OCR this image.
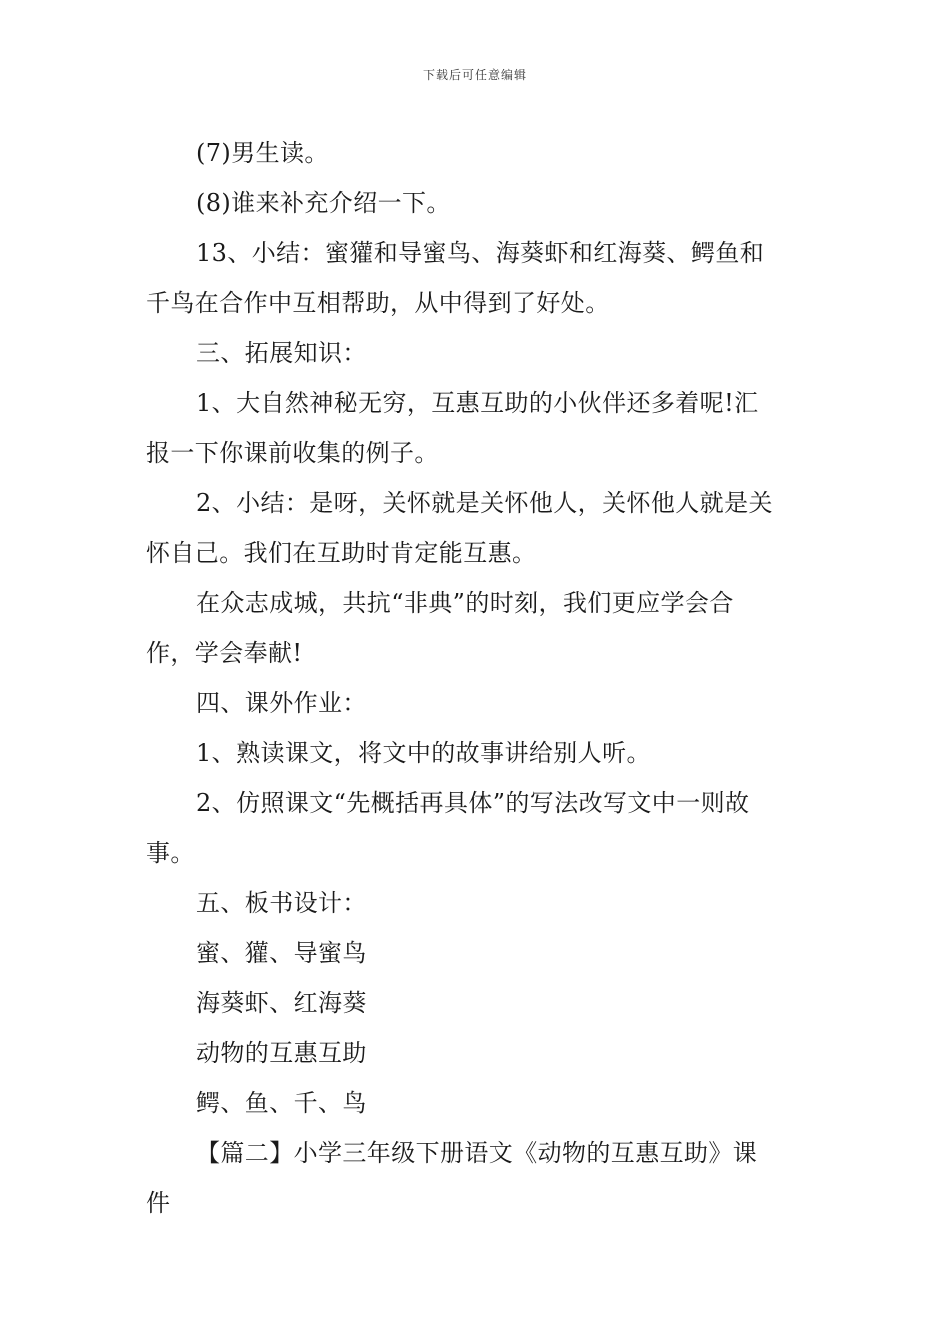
下载后可任意编辑
(7)男生读。
(8)谁来补充介绍一下。
13、小结：蜜獾和导蜜鸟、海葵虾和红海葵、鳄鱼和
千鸟在合作中互相帮助，从中得到了好处。
三、拓展知识：
1、大自然神秘无穷，互惠互助的小伙伴还多着呢!汇
报一下你课前收集的例子。
2、小结：是呀，关怀就是关怀他人，关怀他人就是关
怀自己。我们在互助时肯定能互惠。
在众志成城，共抗“非典”的时刻，我们更应学会合
作，学会奉献!
四、课外作业：
1、熟读课文，将文中的故事讲给别人听。
2、仿照课文“先概括再具体”的写法改写文中一则故
事。
五、板书设计：
蜜、獾、导蜜鸟
海葵虾、红海葵
动物的互惠互助
鳄、鱼、千、鸟
【篇二】小学三年级下册语文《动物的互惠互助》课
件
